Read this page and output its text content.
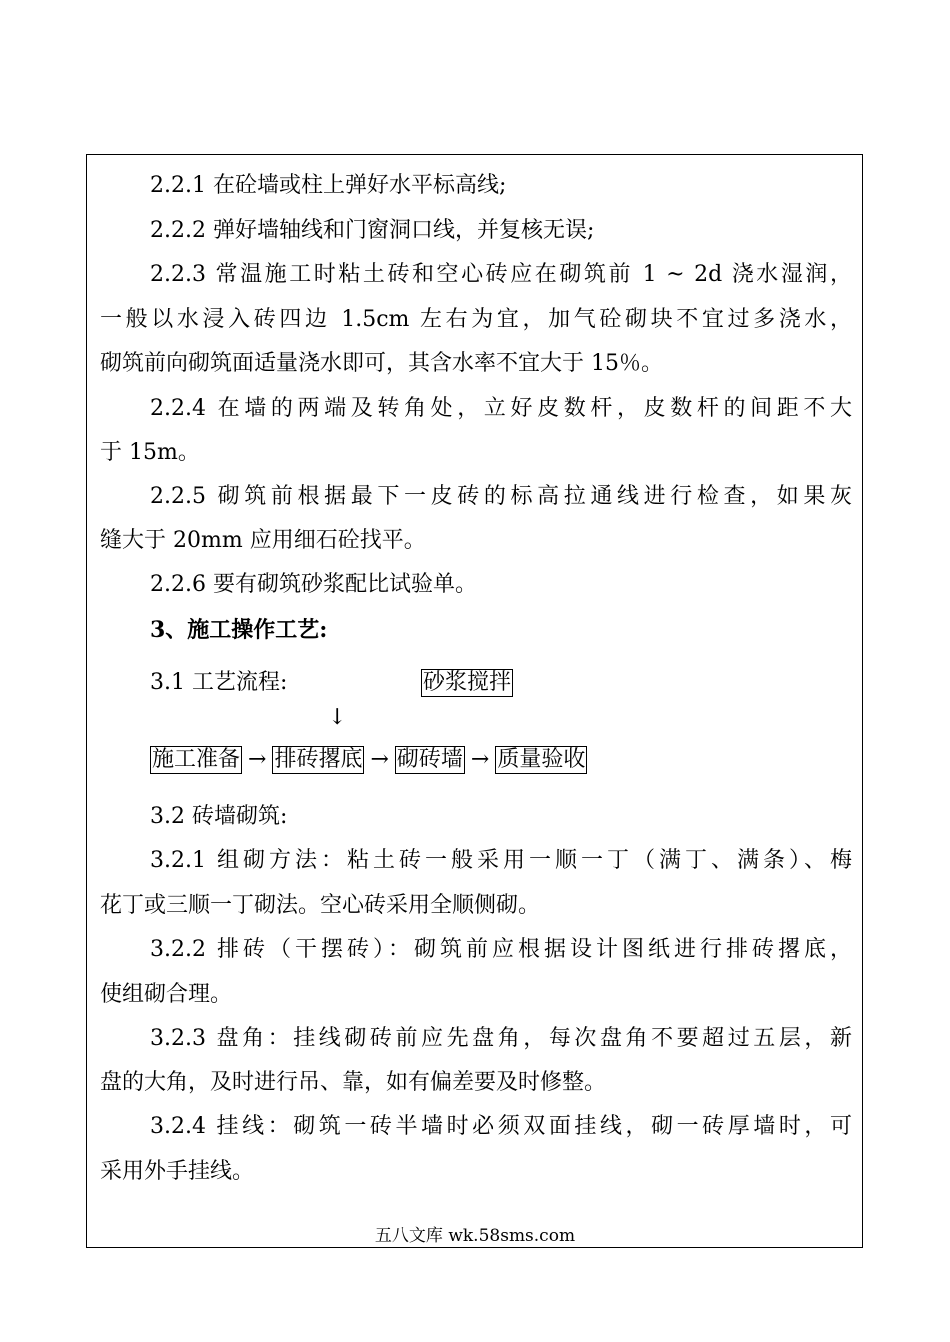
2.2.1 在砼墙或柱上弹好水平标高线;
2.2.2 弹好墙轴线和门窗洞口线，并复核无误;
2.2.3 常温施工时粘土砖和空心砖应在砌筑前 1 ~ 2d 浇水湿润，
一般以水浸入砖四边 1.5cm 左右为宜，加气砼砌块不宜过多浇水，
砌筑前向砌筑面适量浇水即可，其含水率不宜大于 15％。
2.2.4 在墙的两端及转角处，立好皮数杆，皮数杆的间距不大
于 15m。
2.2.5 砌筑前根据最下一皮砖的标高拉通线进行检查，如果灰
缝大于 20mm 应用细石砼找平。
2.2.6 要有砌筑砂浆配比试验单。
3、施工操作工艺:
3.1 工艺流程:	砂浆搅拌
↓
施工准备 → 排砖撂底 → 砌砖墙 → 质量验收
3.2 砖墙砌筑:
3.2.1 组砌方法：粘土砖一般采用一顺一丁（满丁、满条）、梅
花丁或三顺一丁砌法。空心砖采用全顺侧砌。
3.2.2 排砖（干摆砖）：砌筑前应根据设计图纸进行排砖撂底，
使组砌合理。
3.2.3 盘角：挂线砌砖前应先盘角，每次盘角不要超过五层，新
盘的大角，及时进行吊、靠，如有偏差要及时修整。
3.2.4 挂线：砌筑一砖半墙时必须双面挂线，砌一砖厚墙时，可
采用外手挂线。
五八文库 wk.58sms.com
